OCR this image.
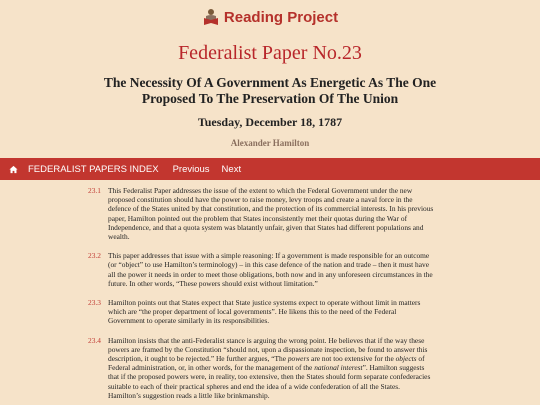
Reading Project
Federalist Paper No.23
The Necessity Of A Government As Energetic As The One Proposed To The Preservation Of The Union
Tuesday, December 18, 1787
Alexander Hamilton
FEDERALIST PAPERS INDEX Previous Next
23.1 This Federalist Paper addresses the issue of the extent to which the Federal Government under the new proposed constitution should have the power to raise money, levy troops and create a naval force in the defence of the States united by that constitution, and the protection of its commercial interests. In his previous paper, Hamilton pointed out the problem that States inconsistently met their quotas during the War of Independence, and that a quota system was blatantly unfair, given that States had different populations and wealth.
23.2 This paper addresses that issue with a simple reasoning: If a government is made responsible for an outcome (or “object” to use Hamilton’s terminology) – in this case defence of the nation and trade – then it must have all the power it needs in order to meet those obligations, both now and in any unforeseen circumstances in the future. In other words, “These powers should exist without limitation.”
23.3 Hamilton points out that States expect that State justice systems expect to operate without limit in matters which are “the proper department of local governments”. He likens this to the need of the Federal Government to operate similarly in its responsibilities.
23.4 Hamilton insists that the anti-Federalist stance is arguing the wrong point. He believes that if the way these powers are framed by the Constitution “should not, upon a dispassionate inspection, be found to answer this description, it ought to be rejected.” He further argues, “The powers are not too extensive for the objects of Federal administration, or, in other words, for the management of the national interest”. Hamilton suggests that if the proposed powers were, in reality, too extensive, then the States should form separate confederacies suitable to each of their practical spheres and end the idea of a wide confederation of all the States. Hamilton’s suggestion reads a little like brinkmanship.
